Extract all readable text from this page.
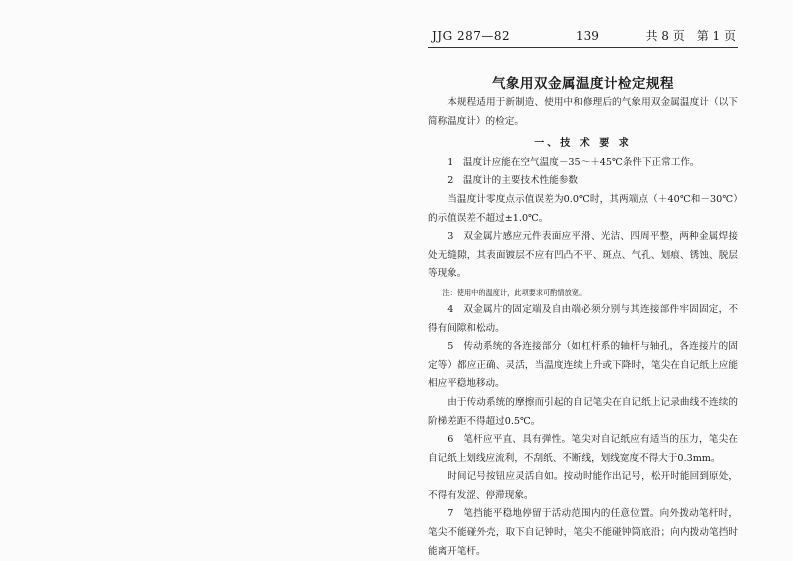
JJG 287—82	139	共 8 页　第 1 页
气象用双金属温度计检定规程

本规程适用于新制造、使用中和修理后的气象用双金属温度计（以下简称温度计）的检定。

一、技 术 要 求

1　温度计应能在空气温度－35～＋45℃条件下正常工作。

2　温度计的主要技术性能参数

当温度计零度点示值误差为0.0℃时，其两端点（＋40℃和－30℃）的示值误差不超过±1.0℃。

3　双金属片感应元件表面应平滑、光洁、四周平整，两种金属焊接处无缝隙，其表面镀层不应有凹凸不平、斑点、气孔、划痕、锈蚀、脱层等现象。

注：使用中的温度计，此项要求可酌情放宽。

4　双金属片的固定端及自由端必须分别与其连接部件牢固固定，不得有间隙和松动。

5　传动系统的各连接部分（如杠杆系的轴杆与轴孔，各连接片的固定等）都应正确、灵活，当温度连续上升或下降时，笔尖在自记纸上应能相应平稳地移动。

由于传动系统的摩擦而引起的自记笔尖在自记纸上记录曲线不连续的阶梯差距不得超过0.5℃。

6　笔杆应平直、具有弹性。笔尖对自记纸应有适当的压力，笔尖在自记纸上划线应流利，不刮纸、不断线，划线宽度不得大于0.3mm。

时间记号按钮应灵活自如。按动时能作出记号，松开时能回到原处，不得有发涩、停滞现象。

7　笔挡能平稳地停留于活动范围内的任意位置。向外拨动笔杆时，笔尖不能碰外壳，取下自记钟时，笔尖不能碰钟筒底沿；向内拨动笔挡时能离开笔杆。
